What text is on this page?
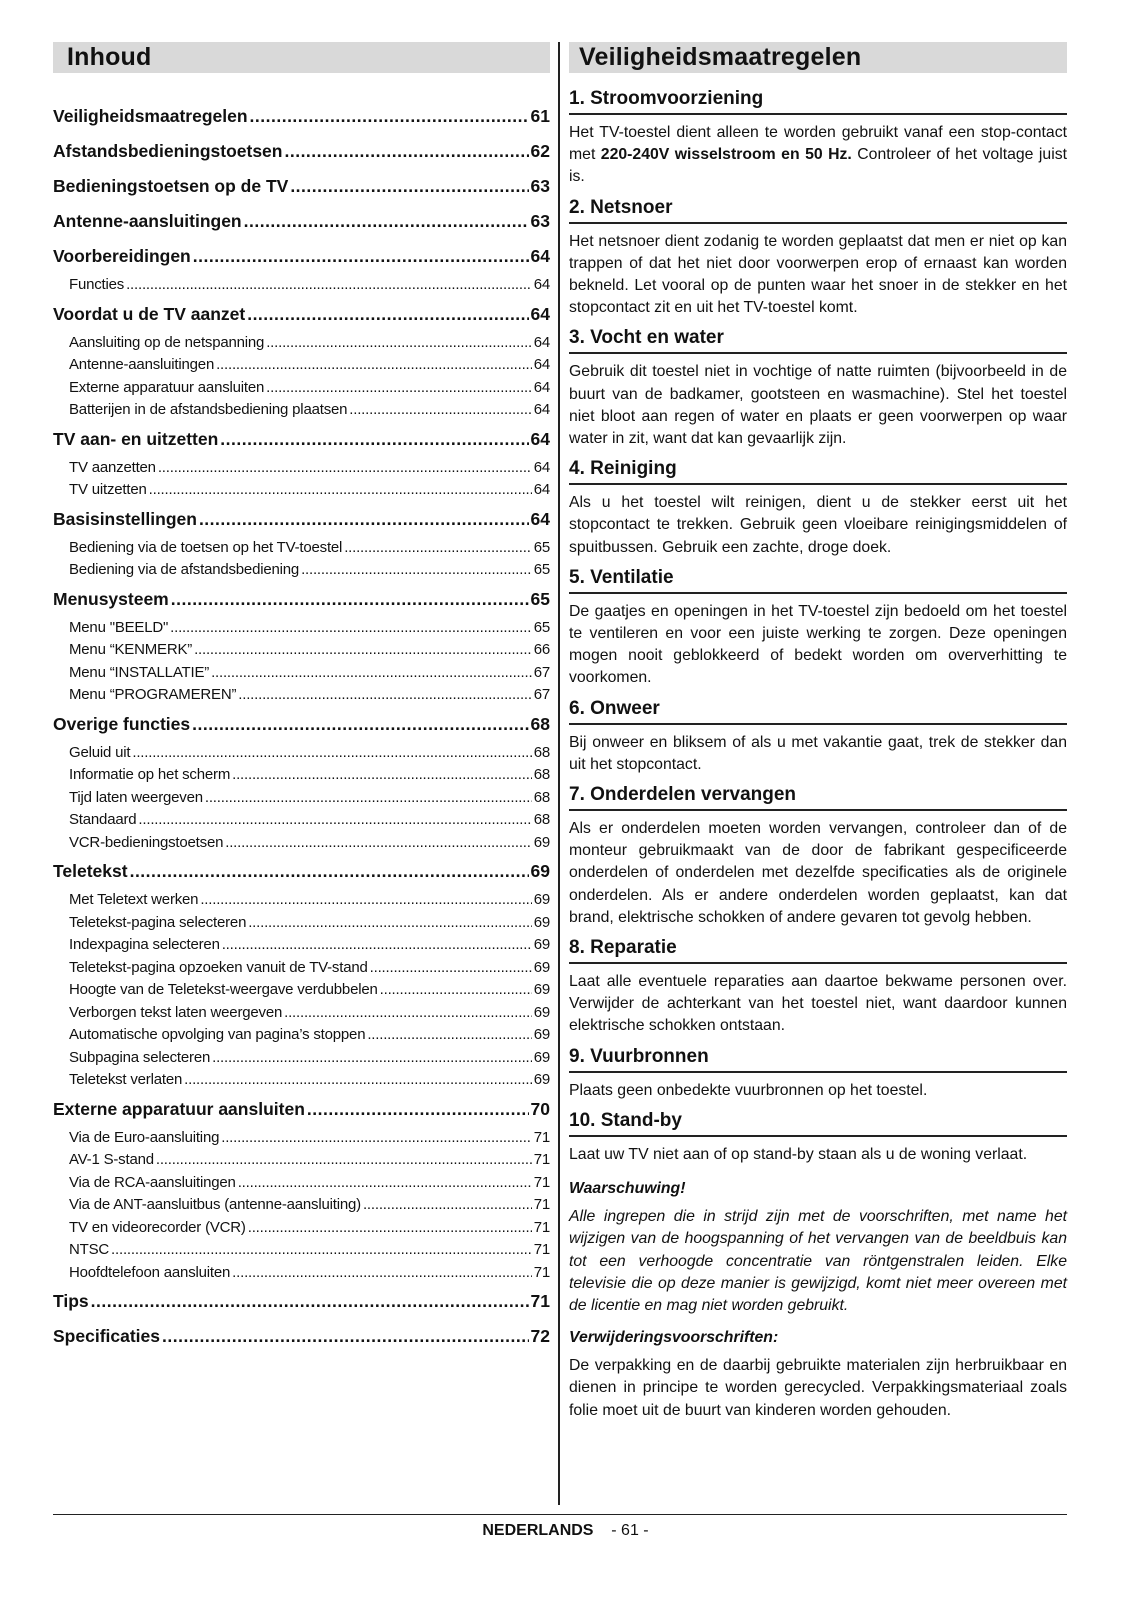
Inhoud
Veiligheidsmaatregelen .....	61
Afstandsbedieningstoetsen .....	62
Bedieningstoetsen op de TV .....	63
Antenne-aansluitingen .....	63
Voorbereidingen .....	64
Functies .....	64
Voordat u de TV aanzet .....	64
Aansluiting op de netspanning .....	64
Antenne-aansluitingen .....	64
Externe apparatuur aansluiten .....	64
Batterijen in de afstandsbediening plaatsen .....	64
TV aan- en uitzetten .....	64
TV aanzetten .....	64
TV uitzetten .....	64
Basisinstellingen .....	64
Bediening via de toetsen op het TV-toestel .....	65
Bediening via de afstandsbediening .....	65
Menusysteem .....	65
Menu "BEELD" .....	65
Menu “KENMERK” .....	66
Menu “INSTALLATIE” .....	67
Menu “PROGRAMEREN” .....	67
Overige functies .....	68
Geluid uit .....	68
Informatie op het scherm .....	68
Tijd laten weergeven .....	68
Standaard .....	68
VCR-bedieningstoetsen .....	69
Teletekst .....	69
Met Teletext werken .....	69
Teletekst-pagina selecteren .....	69
Indexpagina selecteren .....	69
Teletekst-pagina opzoeken vanuit de TV-stand .....	69
Hoogte van de Teletekst-weergave verdubbelen .....	69
Verborgen tekst laten weergeven .....	69
Automatische opvolging van pagina’s stoppen .....	69
Subpagina selecteren .....	69
Teletekst verlaten .....	69
Externe apparatuur aansluiten .....	70
Via de Euro-aansluiting .....	71
AV-1 S-stand .....	71
Via de RCA-aansluitingen .....	71
Via de ANT-aansluitbus (antenne-aansluiting) .....	71
TV en videorecorder (VCR) .....	71
NTSC .....	71
Hoofdtelefoon aansluiten .....	71
Tips .....	71
Specificaties .....	72
Veiligheidsmaatregelen
1. Stroomvoorziening
Het TV-toestel dient alleen te worden gebruikt vanaf een stop-contact met 220-240V wisselstroom en 50 Hz. Controleer of het voltage juist is.
2. Netsnoer
Het netsnoer dient zodanig te worden geplaatst dat men er niet op kan trappen of dat het niet door voorwerpen erop of ernaast kan worden bekneld. Let vooral op de punten waar het snoer in de stekker en het stopcontact zit en uit het TV-toestel komt.
3. Vocht en water
Gebruik dit toestel niet in vochtige of natte ruimten (bijvoorbeeld in de buurt van de badkamer, gootsteen en wasmachine). Stel het toestel niet bloot aan regen of water en plaats er geen voorwerpen op waar water in zit, want dat kan gevaarlijk zijn.
4. Reiniging
Als u het toestel wilt reinigen, dient u de stekker eerst uit het stopcontact te trekken. Gebruik geen vloeibare reinigingsmiddelen of spuitbussen. Gebruik een zachte, droge doek.
5. Ventilatie
De gaatjes en openingen in het TV-toestel zijn bedoeld om het toestel te ventileren en voor een juiste werking te zorgen. Deze openingen mogen nooit geblokkeerd of bedekt worden om oververhitting te voorkomen.
6. Onweer
Bij onweer en bliksem of als u met vakantie gaat, trek de stekker dan uit het stopcontact.
7. Onderdelen vervangen
Als er onderdelen moeten worden vervangen, controleer dan of de monteur gebruikmaakt van de door de fabrikant gespecificeerde onderdelen of onderdelen met dezelfde specificaties als de originele onderdelen. Als er andere onderdelen worden geplaatst, kan dat brand, elektrische schokken of andere gevaren tot gevolg hebben.
8. Reparatie
Laat alle eventuele reparaties aan daartoe bekwame personen over. Verwijder de achterkant van het toestel niet, want daardoor kunnen elektrische schokken ontstaan.
9. Vuurbronnen
Plaats geen onbedekte vuurbronnen op het toestel.
10. Stand-by
Laat uw TV niet aan of op stand-by staan als u de woning verlaat.
Waarschuwing!
Alle ingrepen die in strijd zijn met de voorschriften, met name het wijzigen van de hoogspanning of het vervangen van de beeldbuis kan tot een verhoogde concentratie van röntgenstralen leiden. Elke televisie die op deze manier is gewijzigd, komt niet meer overeen met de licentie en mag niet worden gebruikt.
Verwijderingsvoorschriften:
De verpakking en de daarbij gebruikte materialen zijn herbruikbaar en dienen in principe te worden gerecycled. Verpakkingsmateriaal zoals folie moet uit de buurt van kinderen worden gehouden.
NEDERLANDS - 61 -
